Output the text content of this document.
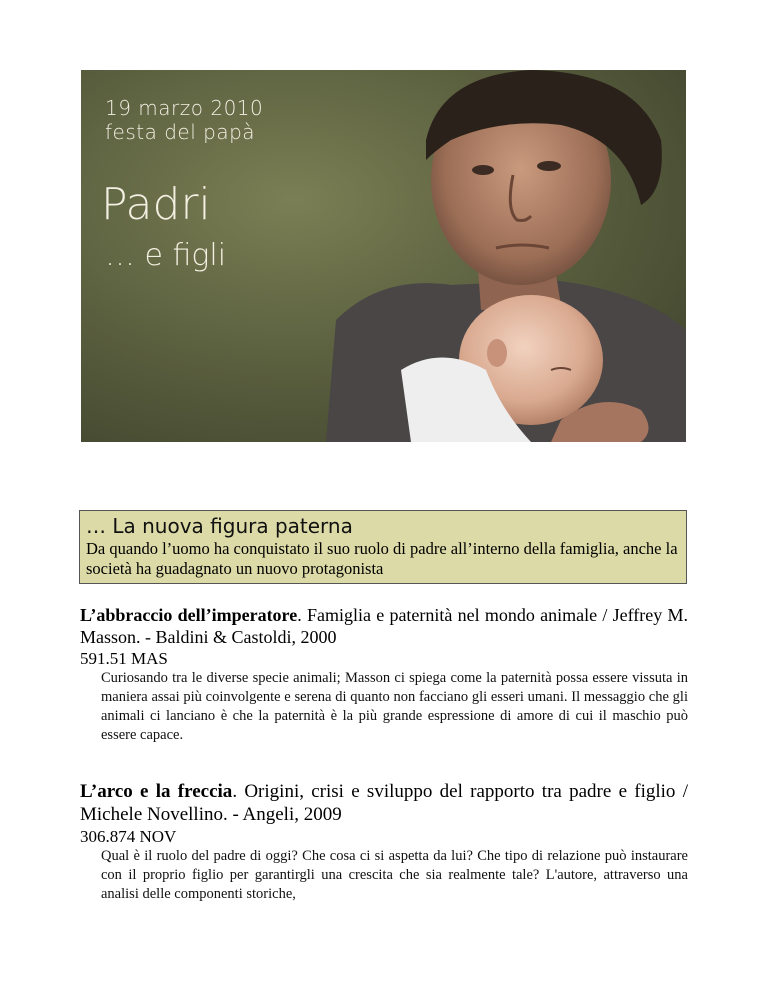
19 marzo 2010
festa del papà
Padri
… e figli

… La nuova figura paterna

Da quando l’uomo ha conquistato il suo ruolo di padre all’interno della famiglia, anche la società ha guadagnato un nuovo protagonista

L’abbraccio dell’imperatore. Famiglia e paternità nel mondo animale / Jeffrey M. Masson. - Baldini & Castoldi, 2000
591.51 MAS
Curiosando tra le diverse specie animali; Masson ci spiega come la paternità possa essere vissuta in maniera assai più coinvolgente e serena di quanto non facciano gli esseri umani. Il messaggio che gli animali ci lanciano è che la paternità è la più grande espressione di amore di cui il maschio può essere capace.
L’arco e la freccia. Origini, crisi e sviluppo del rapporto tra padre e figlio / Michele Novellino. - Angeli, 2009
306.874 NOV
Qual è il ruolo del padre di oggi? Che cosa ci si aspetta da lui? Che tipo di relazione può instaurare con il proprio figlio per garantirgli una crescita che sia realmente tale? L'autore, attraverso una analisi delle componenti storiche,
